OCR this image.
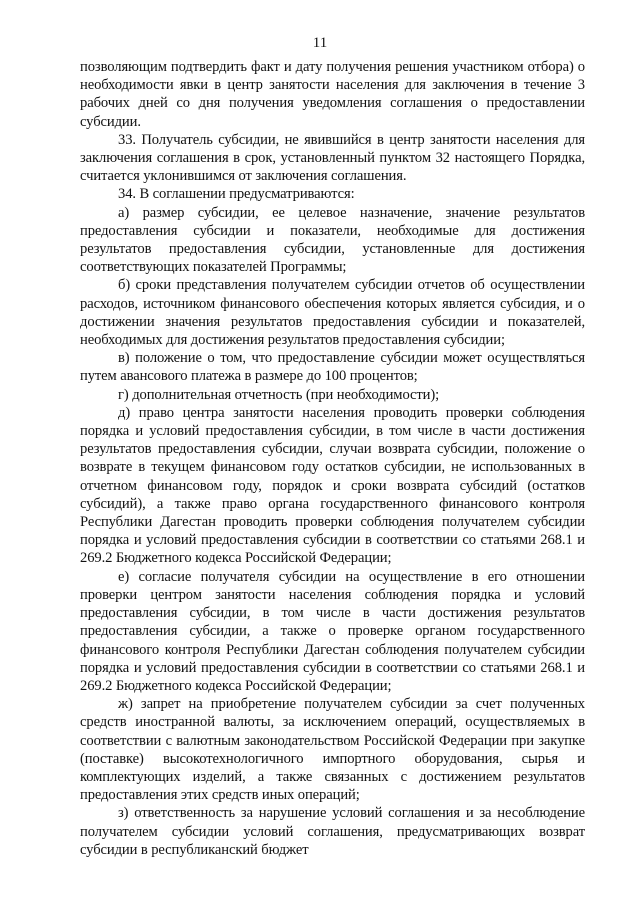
11

позволяющим подтвердить факт и дату получения решения участником отбора) о необходимости явки в центр занятости населения для заключения в течение 3 рабочих дней со дня получения уведомления соглашения о предоставлении субсидии.

33. Получатель субсидии, не явившийся в центр занятости населения для заключения соглашения в срок, установленный пунктом 32 настоящего Порядка, считается уклонившимся от заключения соглашения.

34. В соглашении предусматриваются:

а) размер субсидии, ее целевое назначение, значение результатов предоставления субсидии и показатели, необходимые для достижения результатов предоставления субсидии, установленные для достижения соответствующих показателей Программы;

б) сроки представления получателем субсидии отчетов об осуществлении расходов, источником финансового обеспечения которых является субсидия, и о достижении значения результатов предоставления субсидии и показателей, необходимых для достижения результатов предоставления субсидии;

в) положение о том, что предоставление субсидии может осуществляться путем авансового платежа в размере до 100 процентов;

г) дополнительная отчетность (при необходимости);

д) право центра занятости населения проводить проверки соблюдения порядка и условий предоставления субсидии, в том числе в части достижения результатов предоставления субсидии, случаи возврата субсидии, положение о возврате в текущем финансовом году остатков субсидии, не использованных в отчетном финансовом году, порядок и сроки возврата субсидий (остатков субсидий), а также право органа государственного финансового контроля Республики Дагестан проводить проверки соблюдения получателем субсидии порядка и условий предоставления субсидии в соответствии со статьями 268.1 и 269.2 Бюджетного кодекса Российской Федерации;

е) согласие получателя субсидии на осуществление в его отношении проверки центром занятости населения соблюдения порядка и условий предоставления субсидии, в том числе в части достижения результатов предоставления субсидии, а также о проверке органом государственного финансового контроля Республики Дагестан соблюдения получателем субсидии порядка и условий предоставления субсидии в соответствии со статьями 268.1 и 269.2 Бюджетного кодекса Российской Федерации;

ж) запрет на приобретение получателем субсидии за счет полученных средств иностранной валюты, за исключением операций, осуществляемых в соответствии с валютным законодательством Российской Федерации при закупке (поставке) высокотехнологичного импортного оборудования, сырья и комплектующих изделий, а также связанных с достижением результатов предоставления этих средств иных операций;

з) ответственность за нарушение условий соглашения и за несоблюдение получателем субсидии условий соглашения, предусматривающих возврат субсидии в республиканский бюджет
